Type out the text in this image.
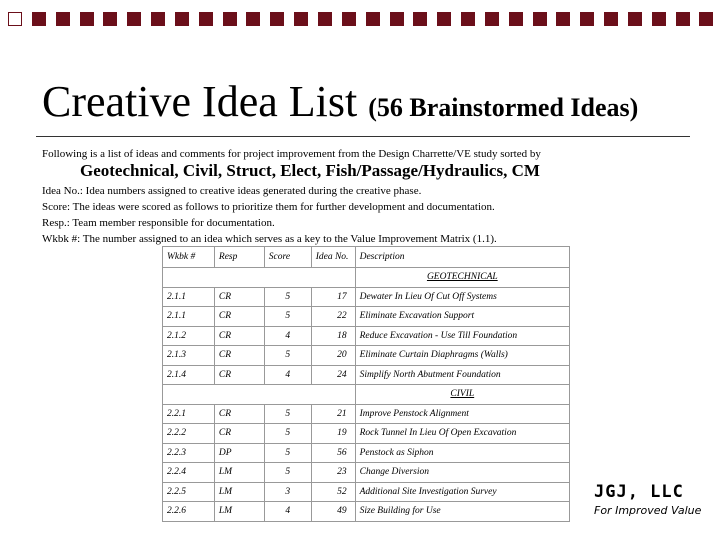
Creative Idea List (56 Brainstormed Ideas)
Following is a list of ideas and comments for project improvement from the Design Charrette/VE study sorted by
Geotechnical, Civil, Struct, Elect, Fish/Passage/Hydraulics, CM
Idea No.: Idea numbers assigned to creative ideas generated during the creative phase.
Score: The ideas were scored as follows to prioritize them for further development and documentation.
Resp.: Team member responsible for documentation.
Wkbk #: The number assigned to an idea which serves as a key to the Value Improvement Matrix (1.1).
Wkbk #	Resp	Score	Idea No.	Description
				GEOTECHNICAL
2.1.1	CR	5	17	Dewater In Lieu Of Cut Off Systems
2.1.1	CR	5	22	Eliminate Excavation Support
2.1.2	CR	4	18	Reduce Excavation - Use Till Foundation
2.1.3	CR	5	20	Eliminate Curtain Diaphragms (Walls)
2.1.4	CR	4	24	Simplify North Abutment Foundation
				CIVIL
2.2.1	CR	5	21	Improve Penstock Alignment
2.2.2	CR	5	19	Rock Tunnel In Lieu Of Open Excavation
2.2.3	DP	5	56	Penstock as Siphon
2.2.4	LM	5	23	Change Diversion
2.2.5	LM	3	52	Additional Site Investigation Survey
2.2.6	LM	4	49	Size Building for Use
JGJ, LLC
For Improved Value
